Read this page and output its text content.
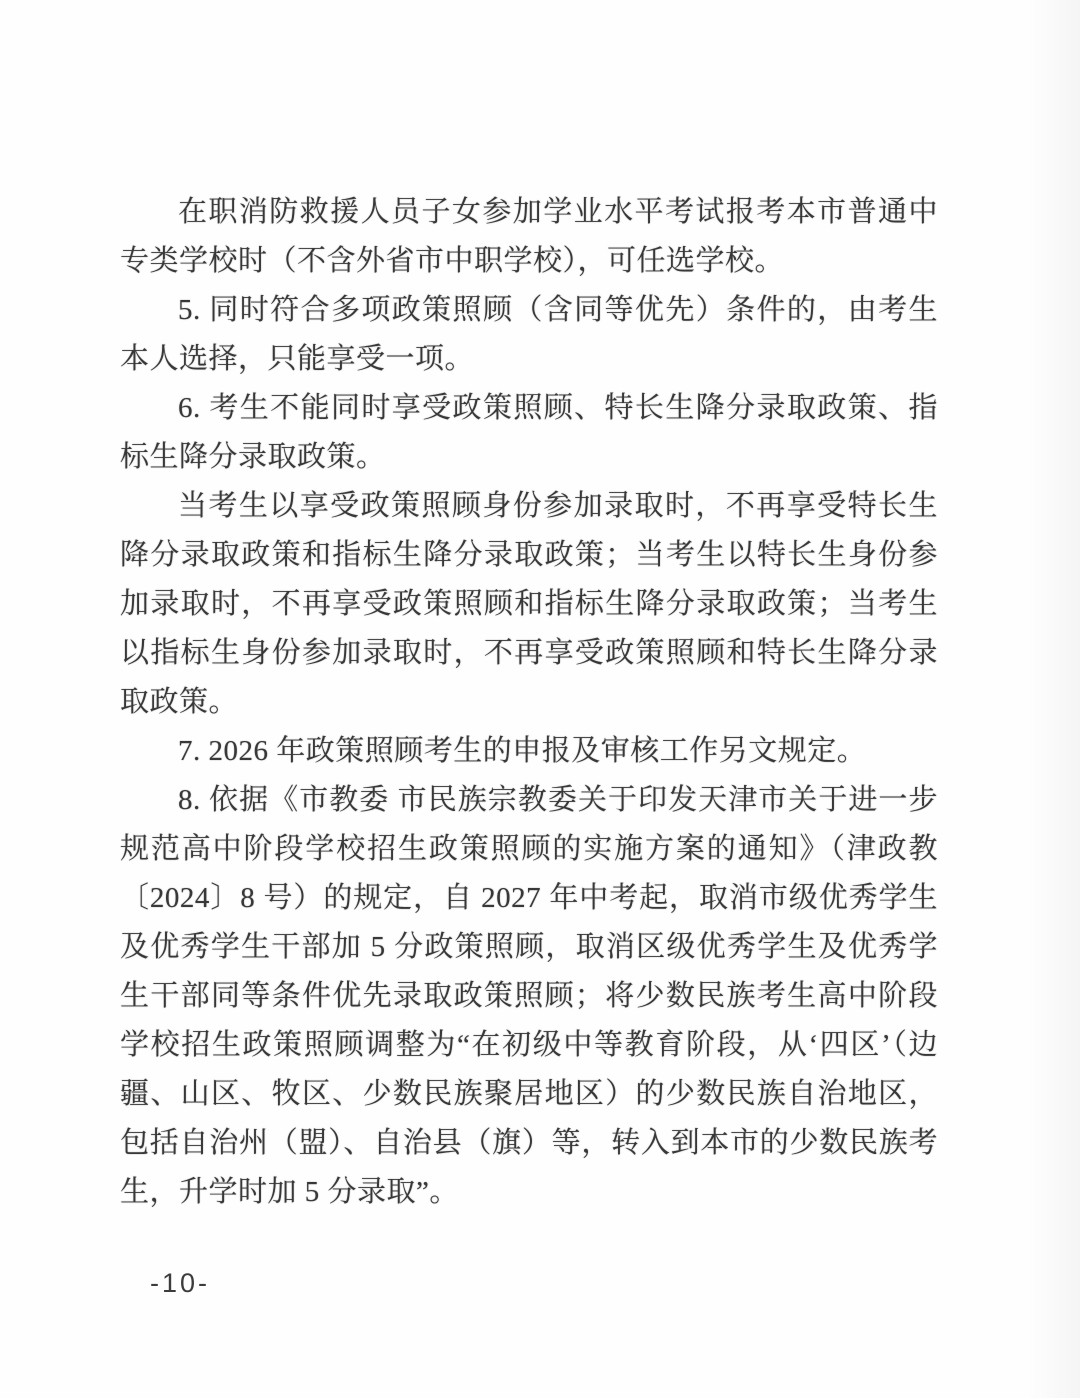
在职消防救援人员子女参加学业水平考试报考本市普通中专类学校时（不含外省市中职学校），可任选学校。

5. 同时符合多项政策照顾（含同等优先）条件的，由考生本人选择，只能享受一项。

6. 考生不能同时享受政策照顾、特长生降分录取政策、指标生降分录取政策。

当考生以享受政策照顾身份参加录取时，不再享受特长生降分录取政策和指标生降分录取政策；当考生以特长生身份参加录取时，不再享受政策照顾和指标生降分录取政策；当考生以指标生身份参加录取时，不再享受政策照顾和特长生降分录取政策。

7. 2026 年政策照顾考生的申报及审核工作另文规定。

8. 依据《市教委 市民族宗教委关于印发天津市关于进一步规范高中阶段学校招生政策照顾的实施方案的通知》（津政教〔2024〕8 号）的规定，自 2027 年中考起，取消市级优秀学生及优秀学生干部加 5 分政策照顾，取消区级优秀学生及优秀学生干部同等条件优先录取政策照顾；将少数民族考生高中阶段学校招生政策照顾调整为“在初级中等教育阶段，从‘四区’（边疆、山区、牧区、少数民族聚居地区）的少数民族自治地区，包括自治州（盟）、自治县（旗）等，转入到本市的少数民族考生，升学时加 5 分录取”。

-10-
